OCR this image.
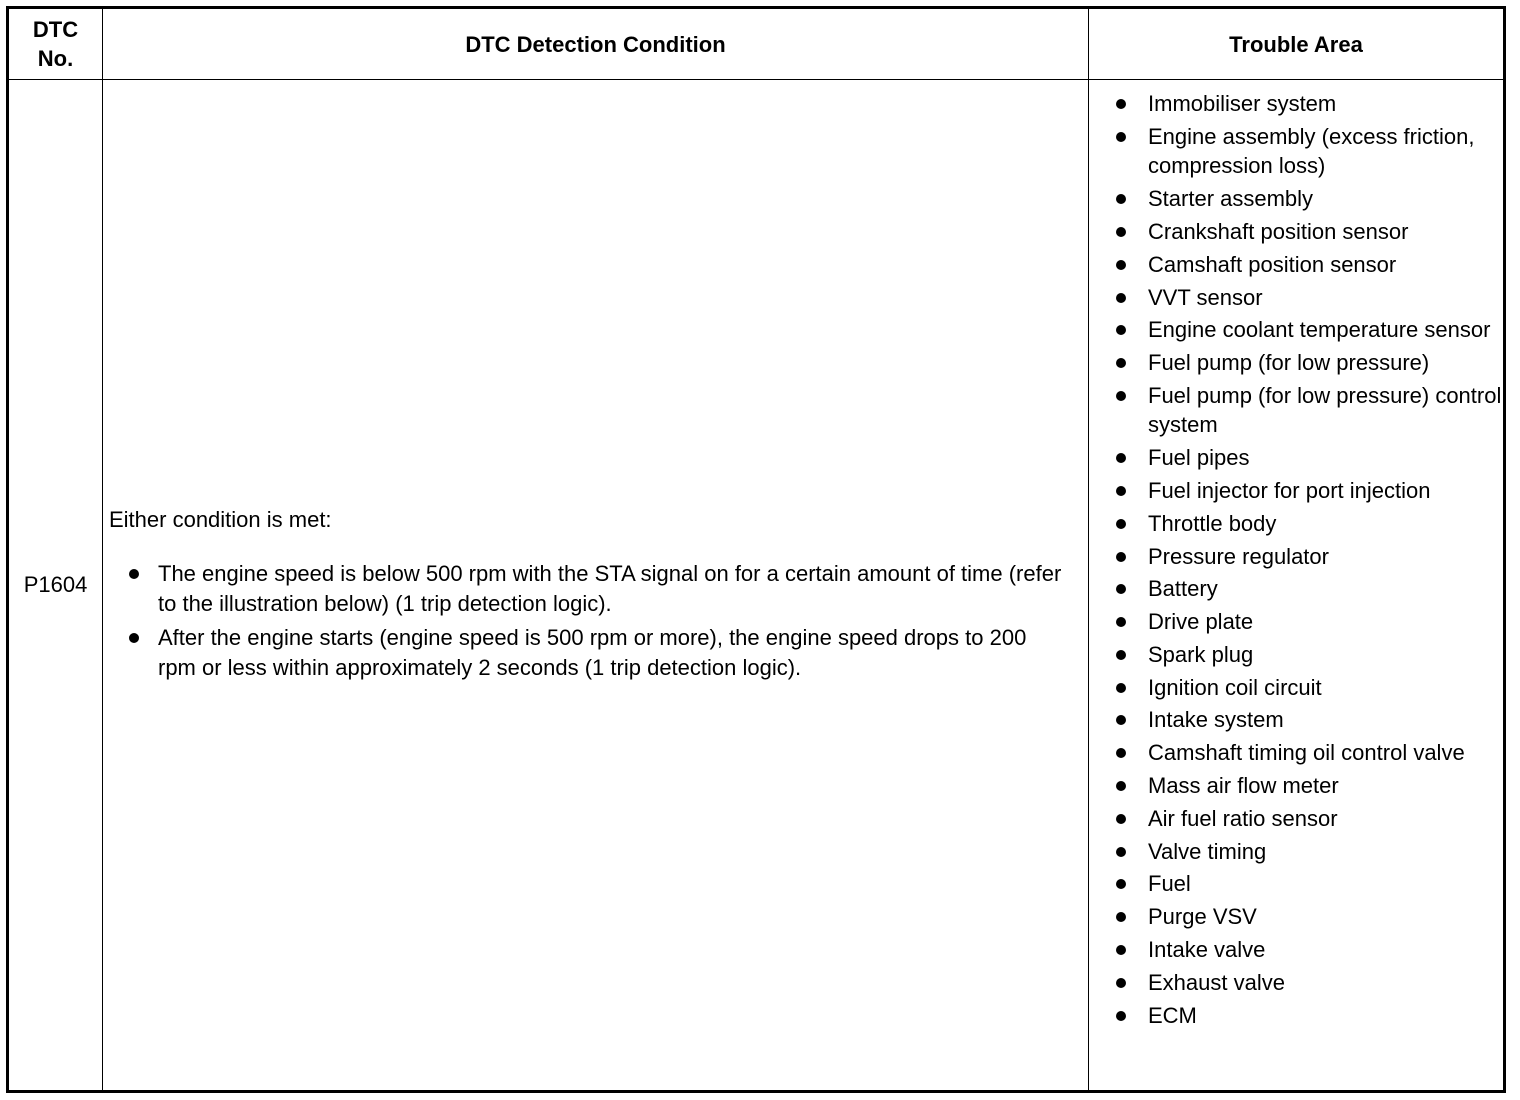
DTC
No.
DTC Detection Condition	Trouble Area
P1604

Either condition is met:

The engine speed is below 500 rpm with the STA signal on for a certain amount of time (refer to the illustration below) (1 trip detection logic).
After the engine starts (engine speed is 500 rpm or more), the engine speed drops to 200 rpm or less within approximately 2 seconds (1 trip detection logic).
Immobiliser system
Engine assembly (excess friction, compression loss)
Starter assembly
Crankshaft position sensor
Camshaft position sensor
VVT sensor
Engine coolant temperature sensor
Fuel pump (for low pressure)
Fuel pump (for low pressure) control system
Fuel pipes
Fuel injector for port injection
Throttle body
Pressure regulator
Battery
Drive plate
Spark plug
Ignition coil circuit
Intake system
Camshaft timing oil control valve
Mass air flow meter
Air fuel ratio sensor
Valve timing
Fuel
Purge VSV
Intake valve
Exhaust valve
ECM
